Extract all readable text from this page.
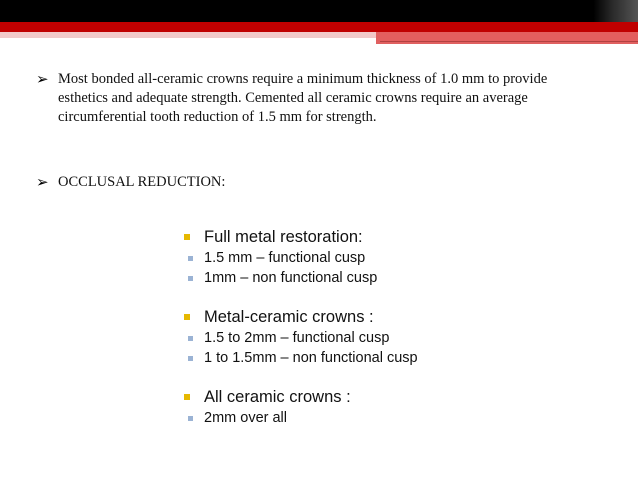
➢ Most bonded all-ceramic crowns require a minimum thickness of 1.0 mm to provide esthetics and adequate strength. Cemented all ceramic crowns require an average circumferential tooth reduction of 1.5 mm for strength.
➢ OCCLUSAL REDUCTION:
Full metal restoration:
1.5 mm – functional cusp
1mm – non functional cusp
Metal-ceramic crowns :
1.5 to 2mm – functional cusp
1 to 1.5mm – non functional cusp
All ceramic crowns :
2mm over all
